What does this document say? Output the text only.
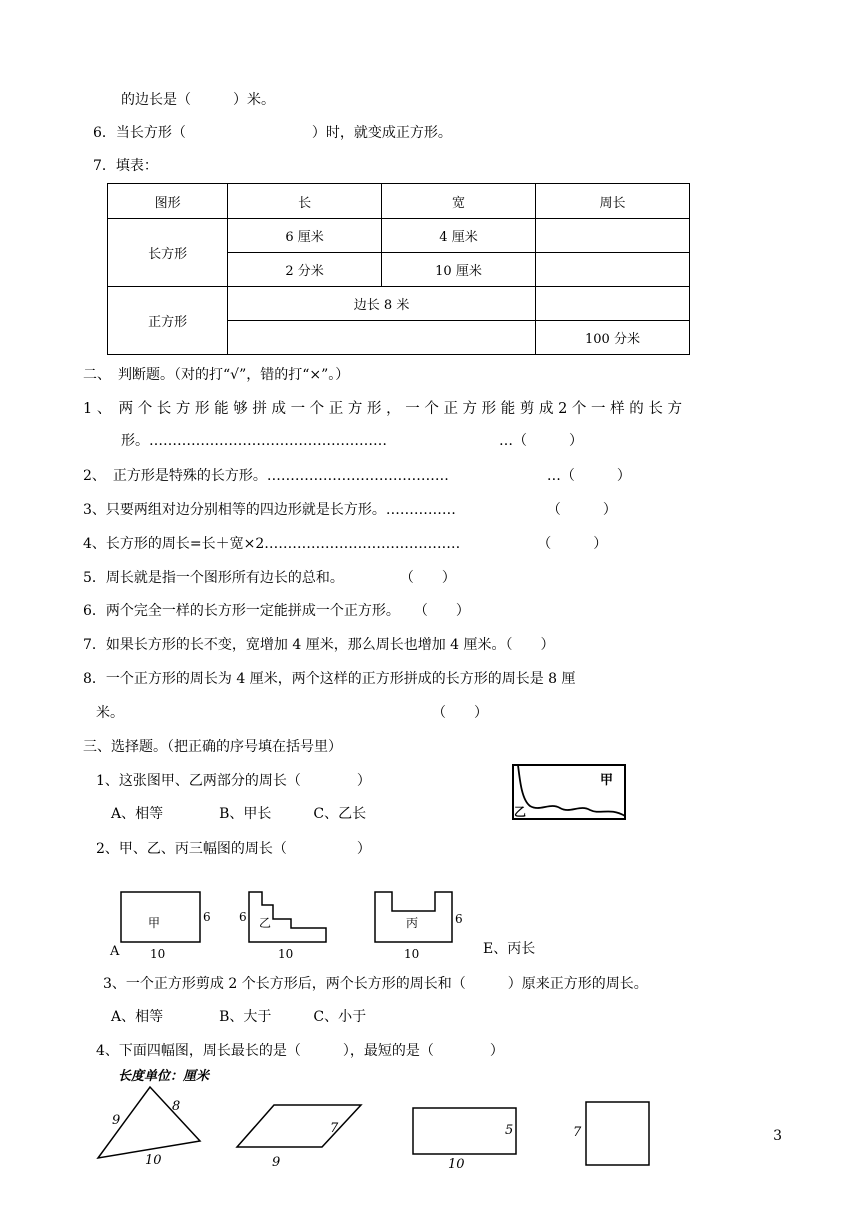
的边长是（　　　）米。
6．当长方形（　　　　　　　　　）时，就变成正方形。
7．填表：
图形	长	宽	周长
长方形	6 厘米	4 厘米	
	2 分米	10 厘米	
正方形	边长 8 米		
			100 分米
二、　判断题。（对的打“√”，错的打“×”。）
1 、　两 个 长 方 形 能 够 拼 成 一 个 正 方 形 ， 一 个 正 方 形 能 剪 成 2 个 一 样 的 长 方
形。……………………………………………　　　　　　　　…（　　　）
2、　正方形是特殊的长方形。…………………………………　　　　　　　…（　　　）
3、只要两组对边分别相等的四边形就是长方形。……………　　　　　　　（　　　）
4、长方形的周长=长＋宽×2……………………………………　　　　　　（　　　）
5．周长就是指一个图形所有边长的总和。　　　　　（　　）
6．两个完全一样的长方形一定能拼成一个正方形。　　（　　）
7．如果长方形的长不变，宽增加 4 厘米，那么周长也增加 4 厘米。（　　）
8．一个正方形的周长为 4 厘米，两个这样的正方形拼成的长方形的周长是 8 厘
米。　　　　　　　　　　　　　　　　　　　　　　　（　　）
三、选择题。（把正确的序号填在括号里）
1、这张图甲、乙两部分的周长（　　　　）
A、相等　　　　B、甲长　　　C、乙长
甲
乙
2、甲、乙、丙三幅图的周长（　　　　　）
A
甲	6
10
乙
6
10
丙	6
10	E、丙长
3、一个正方形剪成 2 个长方形后，两个长方形的周长和（　　　）原来正方形的周长。
A、相等　　　　B、大于　　　C、小于
4、下面四幅图，周长最长的是（　　　），最短的是（　　　　）
长度单位：厘米
9
8
10
7
9
5
10
7	3
